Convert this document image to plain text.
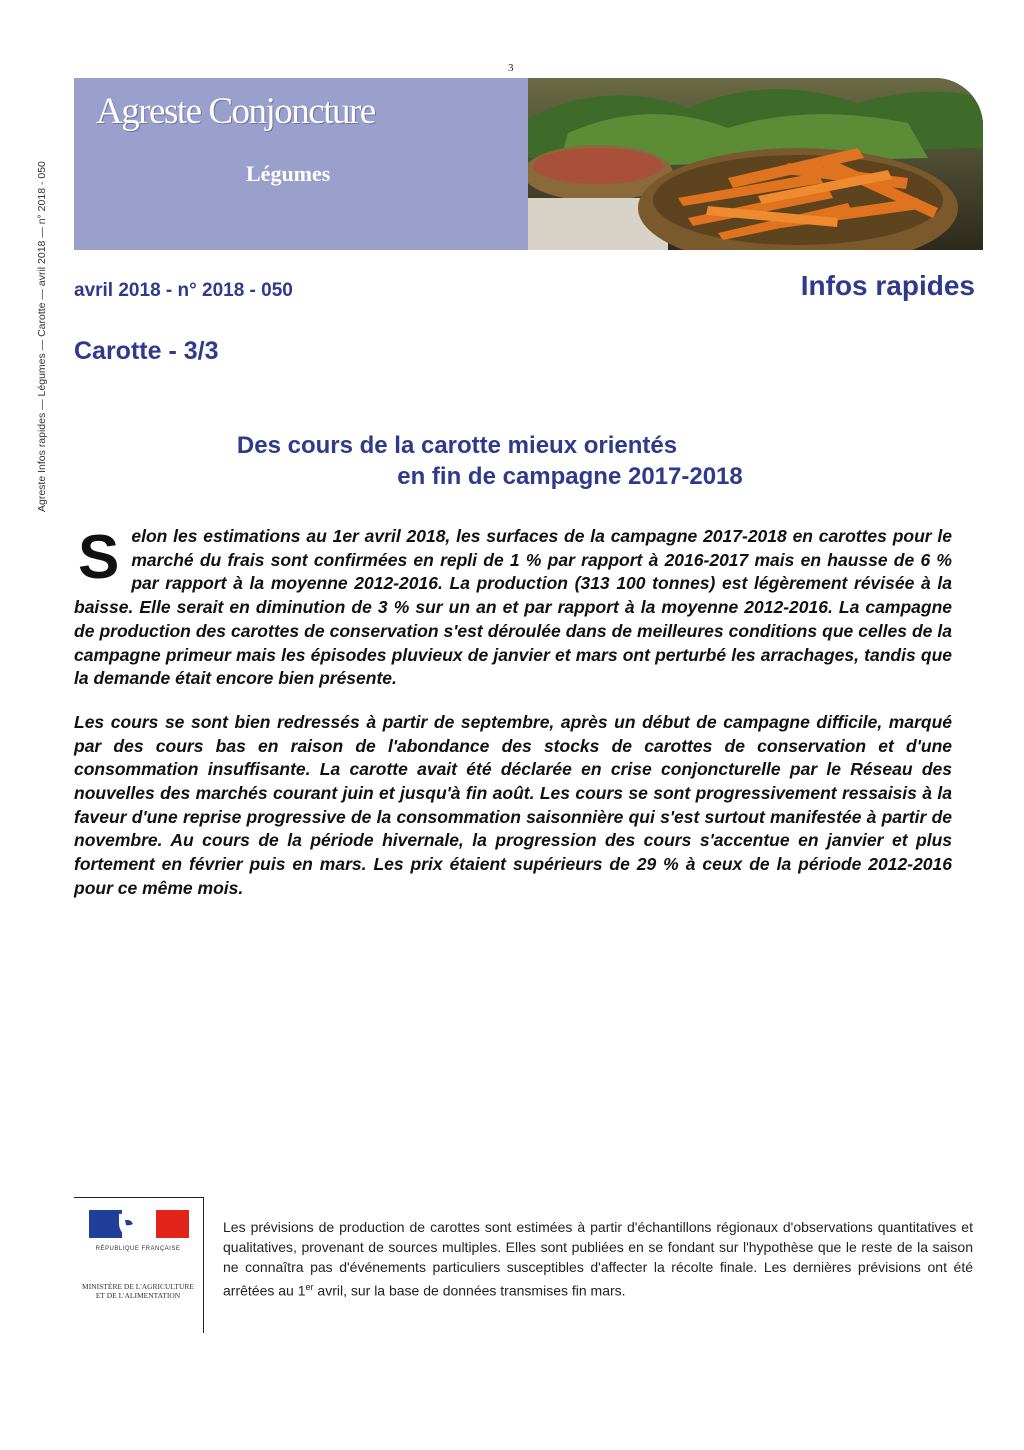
Agreste Infos rapides — Légumes — Carotte — avril 2018 — n° 2018 - 050
3
Agreste Conjoncture
Légumes
avril 2018 - n° 2018 - 050	Infos rapides
Carotte - 3/3
Des cours de la carotte mieux orientés
en fin de campagne 2017-2018

Selon les estimations au 1er avril 2018, les surfaces de la campagne 2017-2018 en carottes pour le marché du frais sont confirmées en repli de 1 % par rapport à 2016-2017 mais en hausse de 6 % par rapport à la moyenne 2012-2016. La production (313 100 tonnes) est légèrement révisée à la baisse. Elle serait en diminution de 3 % sur un an et par rapport à la moyenne 2012-2016. La campagne de production des carottes de conservation s'est déroulée dans de meilleures conditions que celles de la campagne primeur mais les épisodes pluvieux de janvier et mars ont perturbé les arrachages, tandis que la demande était encore bien présente.

Les cours se sont bien redressés à partir de septembre, après un début de campagne difficile, marqué par des cours bas en raison de l'abondance des stocks de carottes de conservation et d'une consommation insuffisante. La carotte avait été déclarée en crise conjoncturelle par le Réseau des nouvelles des marchés courant juin et jusqu'à fin août. Les cours se sont progressivement ressaisis à la faveur d'une reprise progressive de la consommation saisonnière qui s'est surtout manifestée à partir de novembre. Au cours de la période hivernale, la progression des cours s'accentue en janvier et plus fortement en février puis en mars. Les prix étaient supérieurs de 29 % à ceux de la période 2012-2016 pour ce même mois.

RÉPUBLIQUE FRANÇAISE
MINISTÈRE DE L'AGRICULTURE ET DE L'ALIMENTATION
Les prévisions de production de carottes sont estimées à partir d'échantillons régionaux d'observations quantitatives et qualitatives, provenant de sources multiples. Elles sont publiées en se fondant sur l'hypothèse que le reste de la saison ne connaîtra pas d'événements particuliers susceptibles d'affecter la récolte finale. Les dernières prévisions ont été arrêtées au 1er avril, sur la base de données transmises fin mars.
